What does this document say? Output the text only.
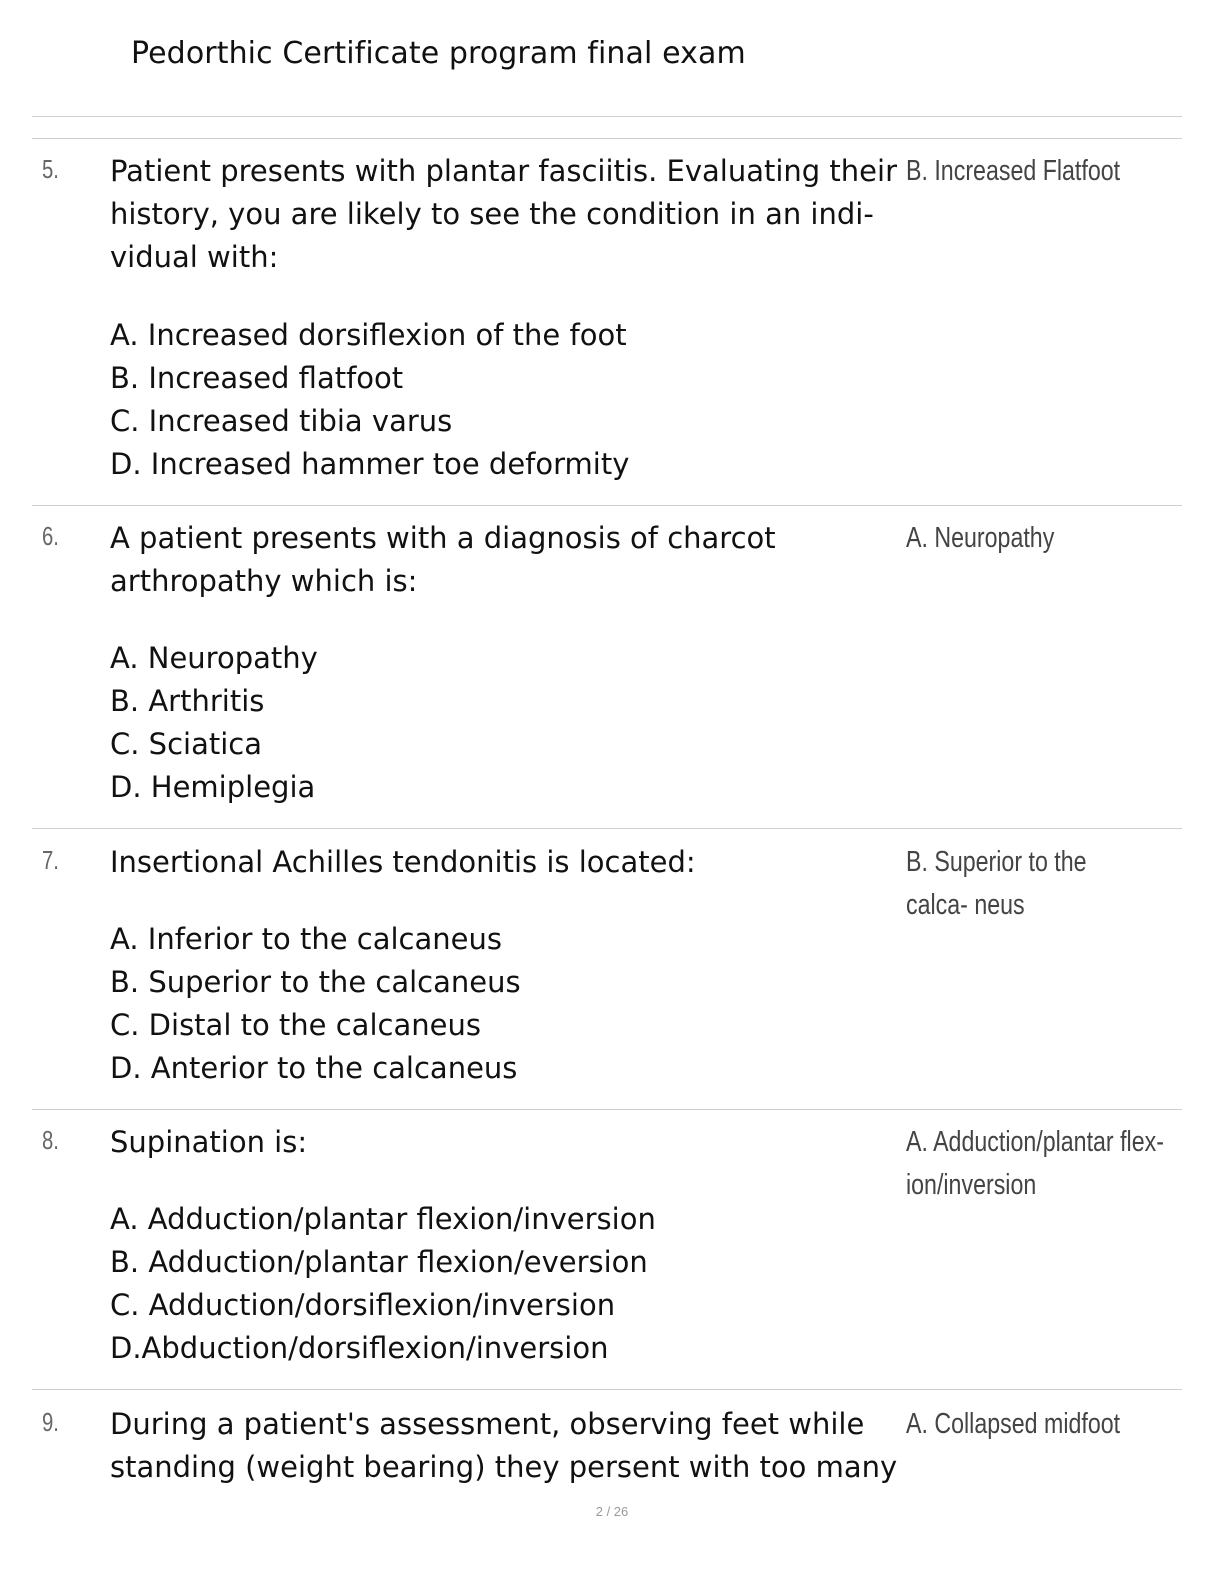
Pedorthic Certificate program final exam
5. Patient presents with plantar fasciitis. Evaluating their history, you are likely to see the condition in an indi- vidual with:
A. Increased dorsiflexion of the foot
B. Increased flatfoot
C. Increased tibia varus
D. Increased hammer toe deformity
B. Increased Flatfoot
6. A patient presents with a diagnosis of charcot arthropathy which is:
A. Neuropathy
B. Arthritis
C. Sciatica
D. Hemiplegia
A. Neuropathy
7. Insertional Achilles tendonitis is located:
A. Inferior to the calcaneus
B. Superior to the calcaneus
C. Distal to the calcaneus
D. Anterior to the calcaneus
B. Superior to the calca- neus
8. Supination is:
A. Adduction/plantar flexion/inversion
B. Adduction/plantar flexion/eversion
C. Adduction/dorsiflexion/inversion
D.Abduction/dorsiflexion/inversion
A. Adduction/plantar flex- ion/inversion
9. During a patient's assessment, observing feet while standing (weight bearing) they persent with too many
A. Collapsed midfoot
2 / 26
